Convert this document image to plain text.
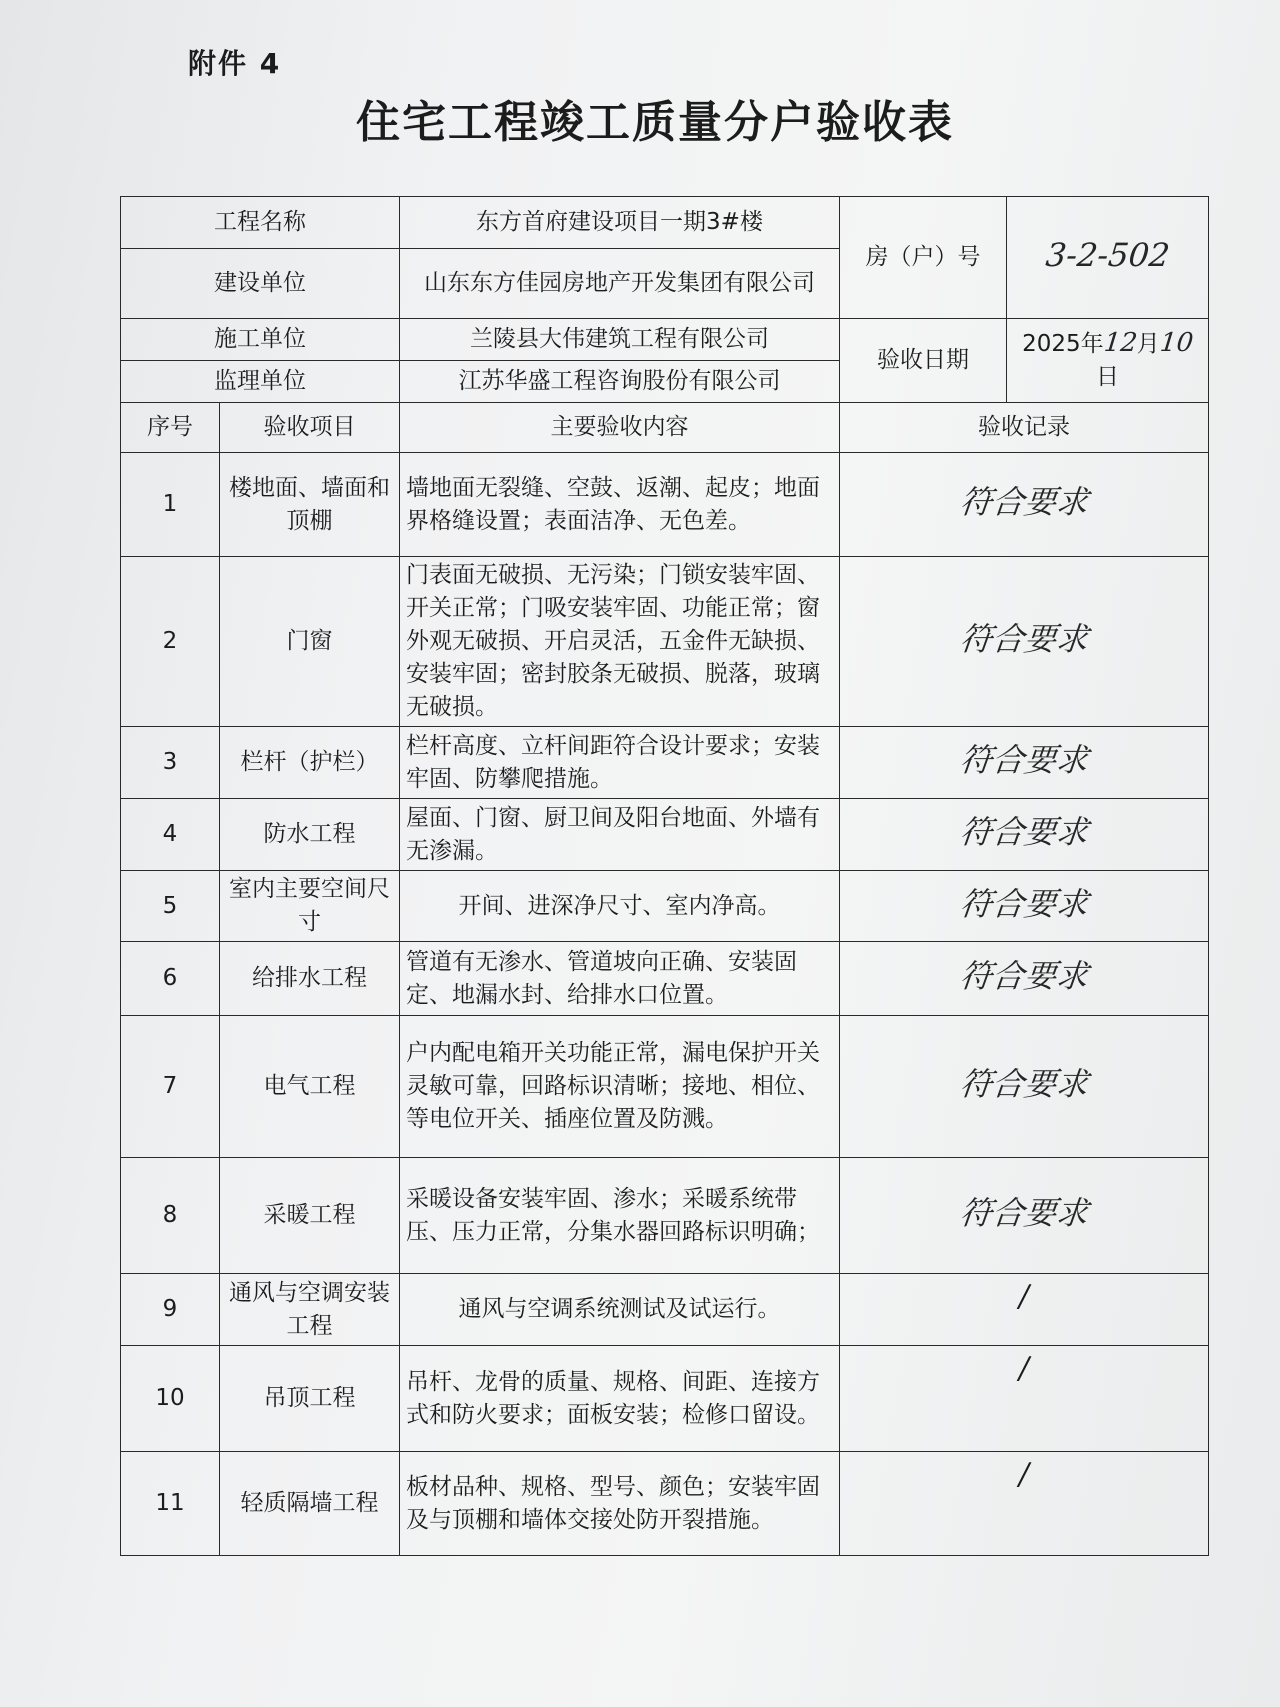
附件 4
住宅工程竣工质量分户验收表
工程名称		东方首府建设项目一期3#楼	房（户）号	3-2-502
建设单位		山东东方佳园房地产开发集团有限公司		
施工单位		兰陵县大伟建筑工程有限公司	验收日期	2025年12月10日
监理单位		江苏华盛工程咨询股份有限公司		
序号	验收项目	主要验收内容	验收记录	
1	楼地面、墙面和顶棚	墙地面无裂缝、空鼓、返潮、起皮；地面界格缝设置；表面洁净、无色差。	符合要求	
2	门窗	门表面无破损、无污染；门锁安装牢固、开关正常；门吸安装牢固、功能正常；窗外观无破损、开启灵活，五金件无缺损、 安装牢固；密封胶条无破损、脱落，玻璃无破损。	符合要求	
3	栏杆（护栏）	栏杆高度、立杆间距符合设计要求；安装牢固、防攀爬措施。	符合要求	
4	防水工程	屋面、门窗、厨卫间及阳台地面、外墙有无渗漏。	符合要求	
5	室内主要空间尺寸	开间、进深净尺寸、室内净高。	符合要求	
6	给排水工程	管道有无渗水、管道坡向正确、安装固定、地漏水封、给排水口位置。	符合要求	
7	电气工程	户内配电箱开关功能正常，漏电保护开关灵敏可靠，回路标识清晰；接地、相位、等电位开关、插座位置及防溅。	符合要求	
8	采暖工程	采暖设备安装牢固、渗水；采暖系统带压、压力正常，分集水器回路标识明确；	符合要求	
9	通风与空调安装工程	通风与空调系统测试及试运行。	/	
10	吊顶工程	吊杆、龙骨的质量、规格、间距、连接方式和防火要求；面板安装；检修口留设。	/	
11	轻质隔墙工程	板材品种、规格、型号、颜色；安装牢固及与顶棚和墙体交接处防开裂措施。	/	
